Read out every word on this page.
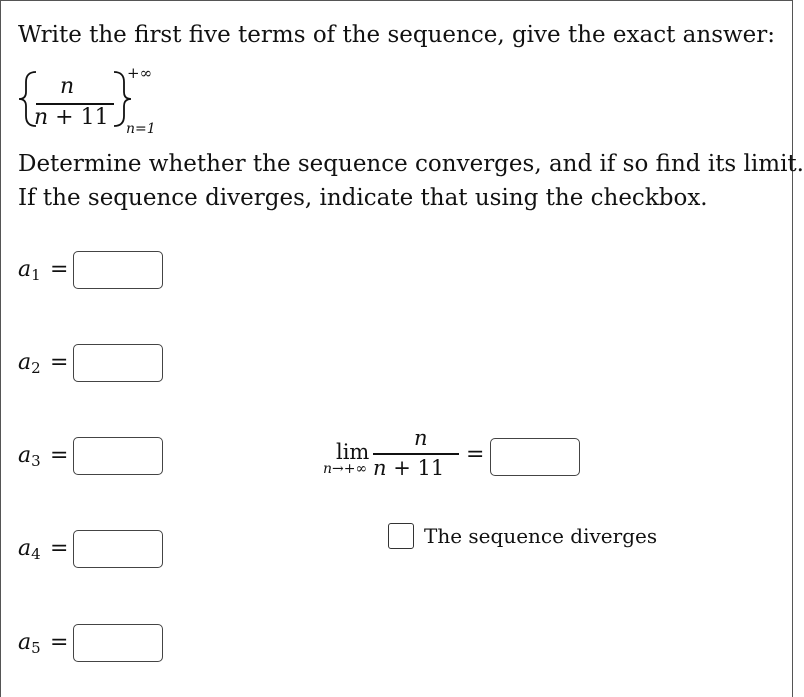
Write the first five terms of the sequence, give the exact answer:
n
n + 11
+∞
n=1
Determine whether the sequence converges, and if so find its limit.
If the sequence diverges, indicate that using the checkbox.
a1 =
a2 =
a3 =
a4 =
a5 =
lim
n→+∞
n
n + 11
=
The sequence diverges
